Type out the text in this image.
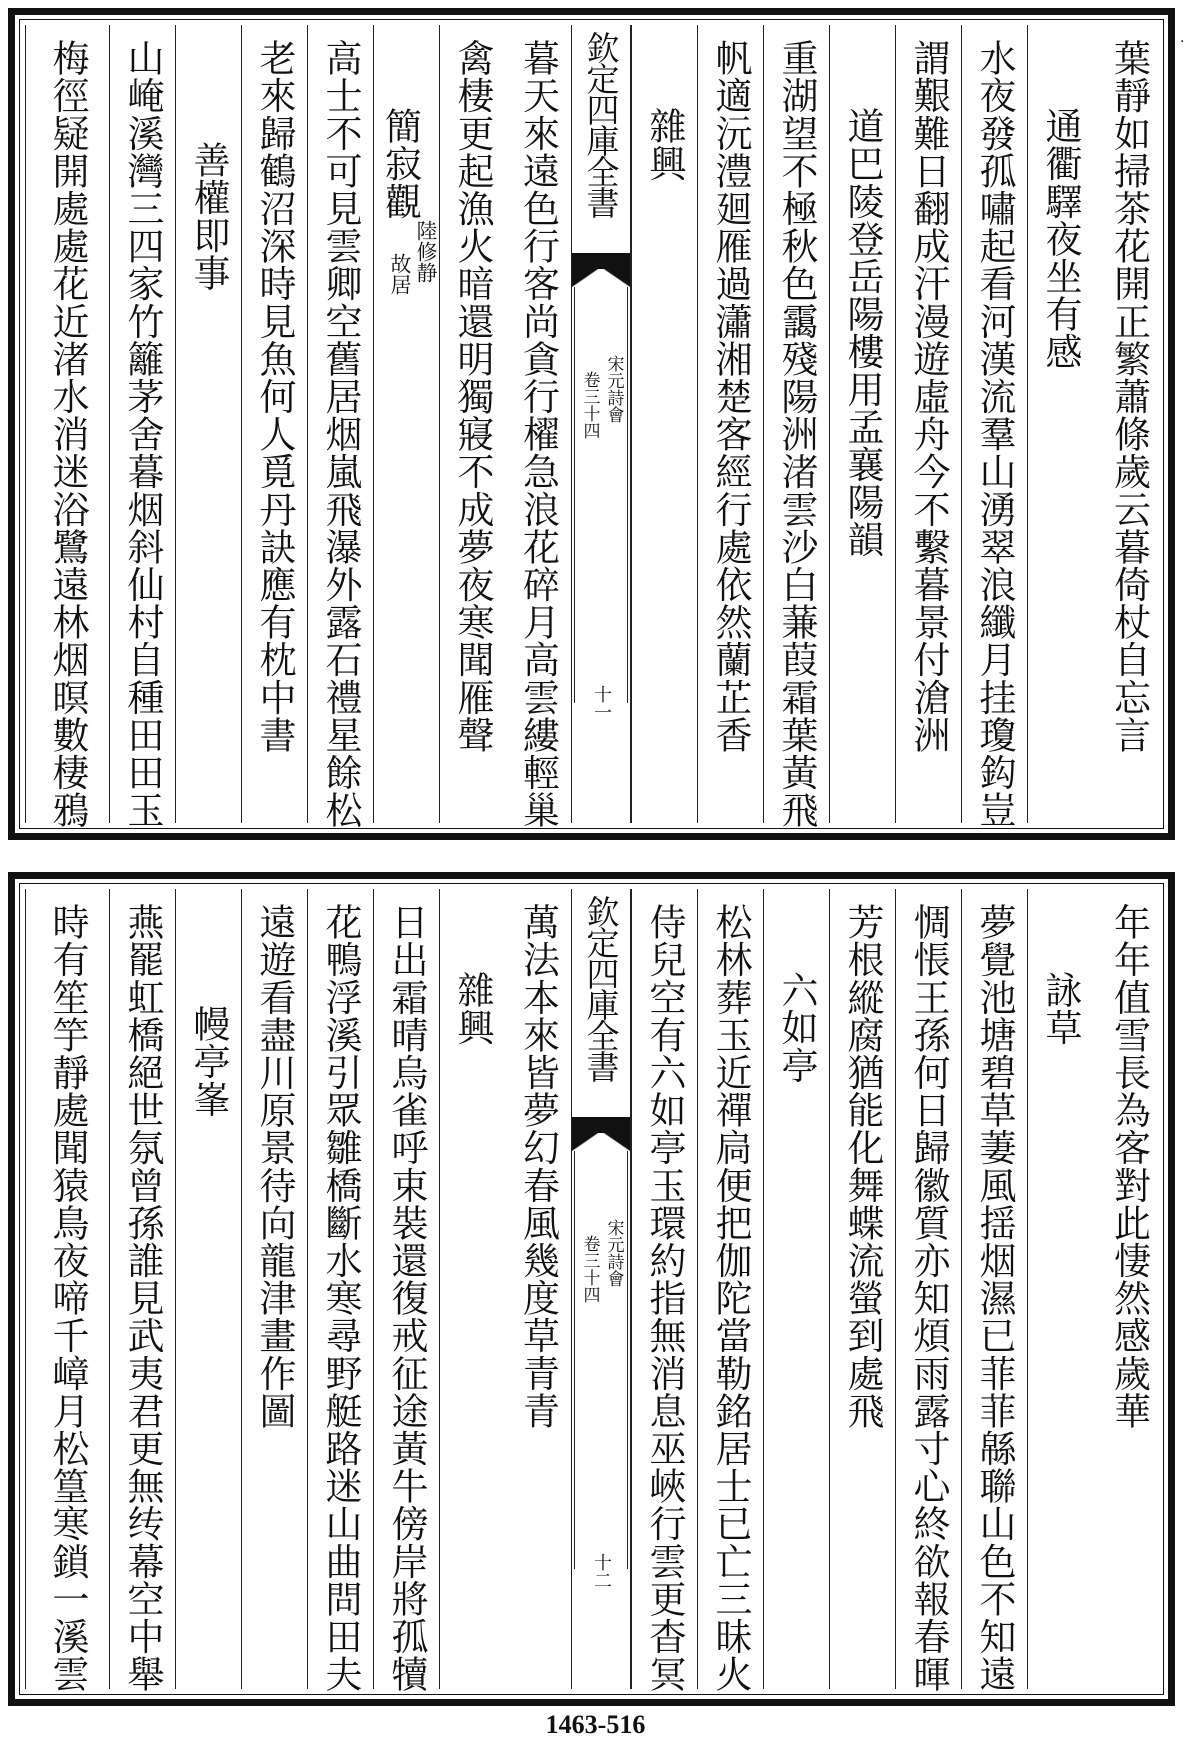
·
葉靜如掃茶花開正繁蕭條歲云暮倚杖自忘言
通衢驛夜坐有感
水夜發孤嘯起看河漢流羣山湧翠浪纖月挂瓊鈎豈
謂艱難日翻成汗漫遊虛舟今不繫暮景付滄洲
道巴陵登岳陽樓用孟襄陽韻
重湖望不極秋色靄殘陽洲渚雲沙白蒹葭霜葉黃飛
帆適沅澧廻雁過瀟湘楚客經行處依然蘭芷香
雜興
欽定四庫全書
宋元詩會
卷三十四
十一
暮天來遠色行客尚貪行櫂急浪花碎月高雲縷輕巢
禽棲更起漁火暗還明獨寢不成夢夜寒聞雁聲
簡寂觀
陸修静
故居
高士不可見雲卿空舊居烟嵐飛瀑外露石禮星餘松
老來歸鶴沼深時見魚何人覓丹訣應有枕中書
善權即事
山崦溪灣三四家竹籬茅舍暮烟斜仙村自種田田玉
梅徑疑開處處花近渚水消迷浴鷺遠林烟暝數棲鴉
年年值雪長為客對此悽然感歲華
詠草
夢覺池塘碧草萋風揺烟濕已菲菲緜聯山色不知遠
惆悵王孫何日歸徽質亦知煩雨露寸心終欲報春暉
芳根縱腐猶能化舞蝶流螢到處飛
六如亭
松林葬玉近禪扃便把伽陀當勒銘居士已亡三昧火
侍兒空有六如亭玉環約指無消息巫峽行雲更杳冥
欽定四庫全書
宋元詩會
卷三十四
十二
萬法本來皆夢幻春風幾度草青青
雜興
日出霜晴烏雀呼束裝還復戒征途黃牛傍岸將孤犢
花鴨浮溪引眾雛橋斷水寒尋野艇路迷山曲問田夫
遠遊看盡川原景待向龍津畫作圖
幔亭峯
燕罷虹橋絕世氛曾孫誰見武夷君更無䌸幕空中舉
時有笙竽靜處聞猿鳥夜啼千嶂月松篁寒鎖一溪雲
1463-516
